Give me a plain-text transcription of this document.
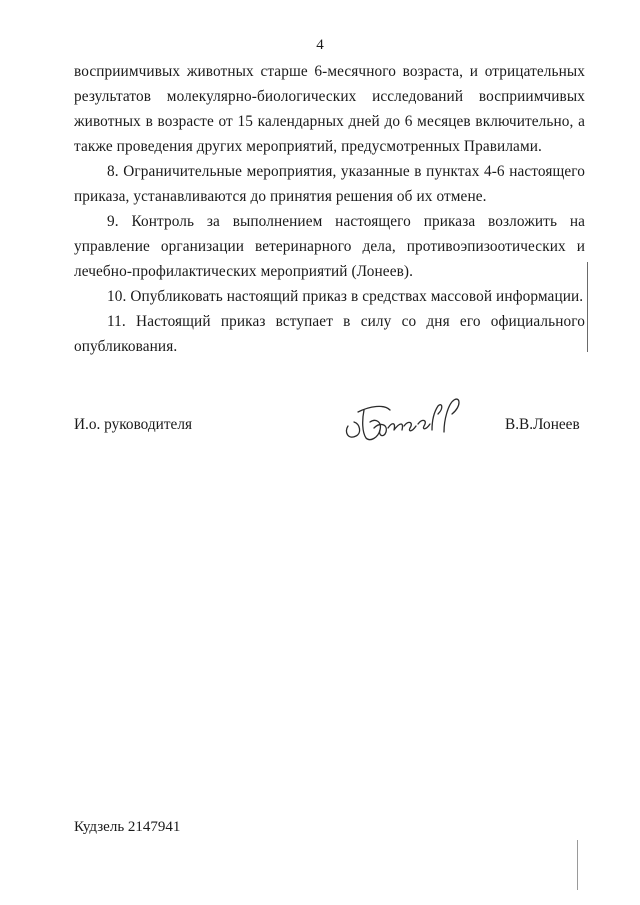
4
восприимчивых животных старше 6-месячного возраста, и отрицательных
результатов молекулярно-биологических исследований восприимчивых
животных в возрасте от 15 календарных дней до 6 месяцев включительно, а
также проведения других мероприятий, предусмотренных Правилами.
8. Ограничительные мероприятия, указанные в пунктах 4-6 настоящего
приказа, устанавливаются до принятия решения об их отмене.
9. Контроль за выполнением настоящего приказа возложить на
управление организации ветеринарного дела, противоэпизоотических и
лечебно-профилактических мероприятий (Лонеев).
10. Опубликовать настоящий приказ в средствах массовой информации.
11. Настоящий приказ вступает в силу со дня его официального
опубликования.
И.о. руководителя	В.В.Лонеев
Кудзель 2147941
